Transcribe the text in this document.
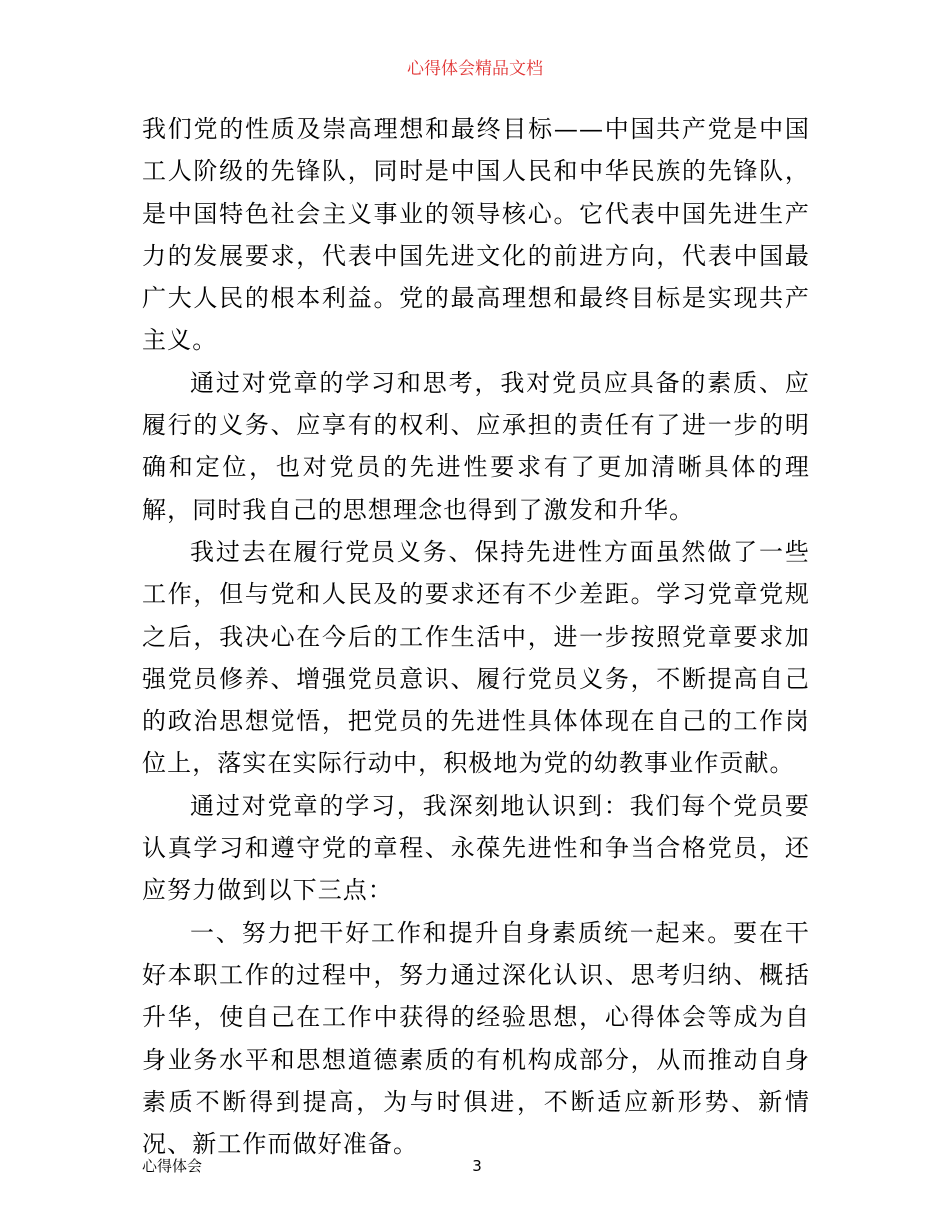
心得体会精品文档

我们党的性质及崇高理想和最终目标——中国共产党是中国工人阶级的先锋队，同时是中国人民和中华民族的先锋队，是中国特色社会主义事业的领导核心。它代表中国先进生产力的发展要求，代表中国先进文化的前进方向，代表中国最广大人民的根本利益。党的最高理想和最终目标是实现共产主义。

通过对党章的学习和思考，我对党员应具备的素质、应履行的义务、应享有的权利、应承担的责任有了进一步的明确和定位，也对党员的先进性要求有了更加清晰具体的理解，同时我自己的思想理念也得到了激发和升华。

我过去在履行党员义务、保持先进性方面虽然做了一些工作，但与党和人民及的要求还有不少差距。学习党章党规之后，我决心在今后的工作生活中，进一步按照党章要求加强党员修养、增强党员意识、履行党员义务，不断提高自己的政治思想觉悟，把党员的先进性具体体现在自己的工作岗位上，落实在实际行动中，积极地为党的幼教事业作贡献。

通过对党章的学习，我深刻地认识到：我们每个党员要认真学习和遵守党的章程、永葆先进性和争当合格党员，还应努力做到以下三点：

一、努力把干好工作和提升自身素质统一起来。要在干好本职工作的过程中，努力通过深化认识、思考归纳、概括升华，使自己在工作中获得的经验思想，心得体会等成为自身业务水平和思想道德素质的有机构成部分，从而推动自身素质不断得到提高，为与时俱进，不断适应新形势、新情况、新工作而做好准备。

心得体会	3
